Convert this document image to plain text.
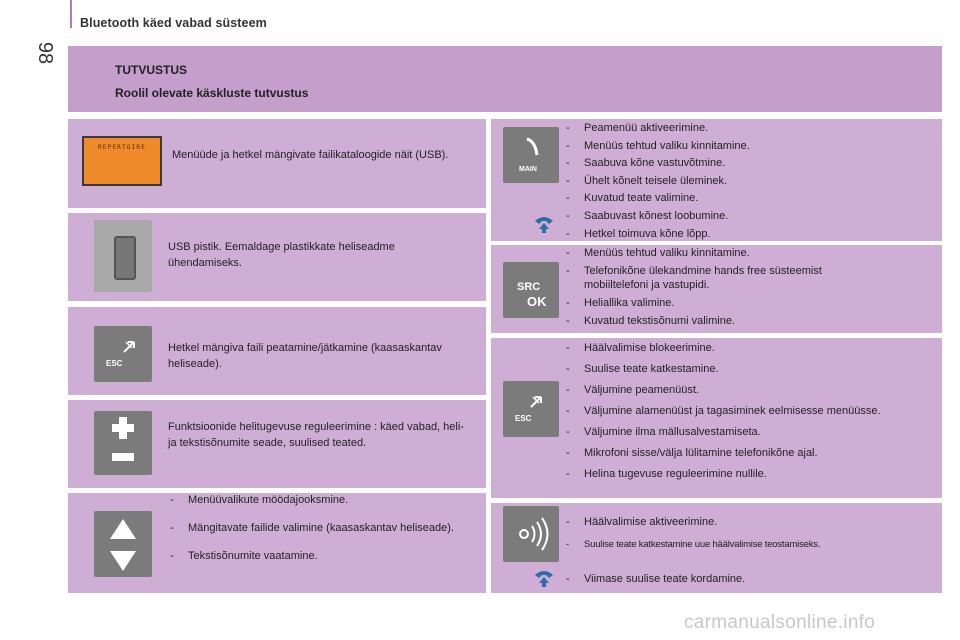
98
Bluetooth käed vabad süsteem
TUTVUSTUS
Roolil olevate käskluste tutvustus
REPERTOIRE
Menüüde ja hetkel mängivate failikataloogide näit (USB).
USB pistik. Eemaldage plastikkate heliseadme ühendamiseks.
ESC
Hetkel mängiva faili peatamine/jätkamine (kaasaskantav heliseade).
Funktsioonide helitugevuse reguleerimine : käed vabad, heli- ja tekstisõnumite seade, suulised teated.
- Menüüvalikute möödajooksmine.
- Mängitavate failide valimine (kaasaskantav heliseade).
- Tekstisõnumite vaatamine.
MAIN
- Peamenüü aktiveerimine.
- Menüüs tehtud valiku kinnitamine.
- Saabuva kõne vastuvõtmine.
- Ühelt kõnelt teisele üleminek.
- Kuvatud teate valimine.
- Saabuvast kõnest loobumine.
- Hetkel toimuva kõne lõpp.
SRC
OK
- Menüüs tehtud valiku kinnitamine.
- Telefonikõne ülekandmine hands free süsteemist mobiiltelefoni ja vastupidi.
- Heliallika valimine.
- Kuvatud tekstisõnumi valimine.
ESC
- Häälvalimise blokeerimine.
- Suulise teate katkestamine.
- Väljumine peamenüüst.
- Väljumine alamenüüst ja tagasiminek eelmisesse menüüsse.
- Väljumine ilma mällusalvestamiseta.
- Mikrofoni sisse/välja lülitamine telefonikõne ajal.
- Helina tugevuse reguleerimine nullile.
- Häälvalimise aktiveerimine.
- Suulise teate katkestamine uue häälvalimise teostamiseks.
- Viimase suulise teate kordamine.
carmanualsonline.info
